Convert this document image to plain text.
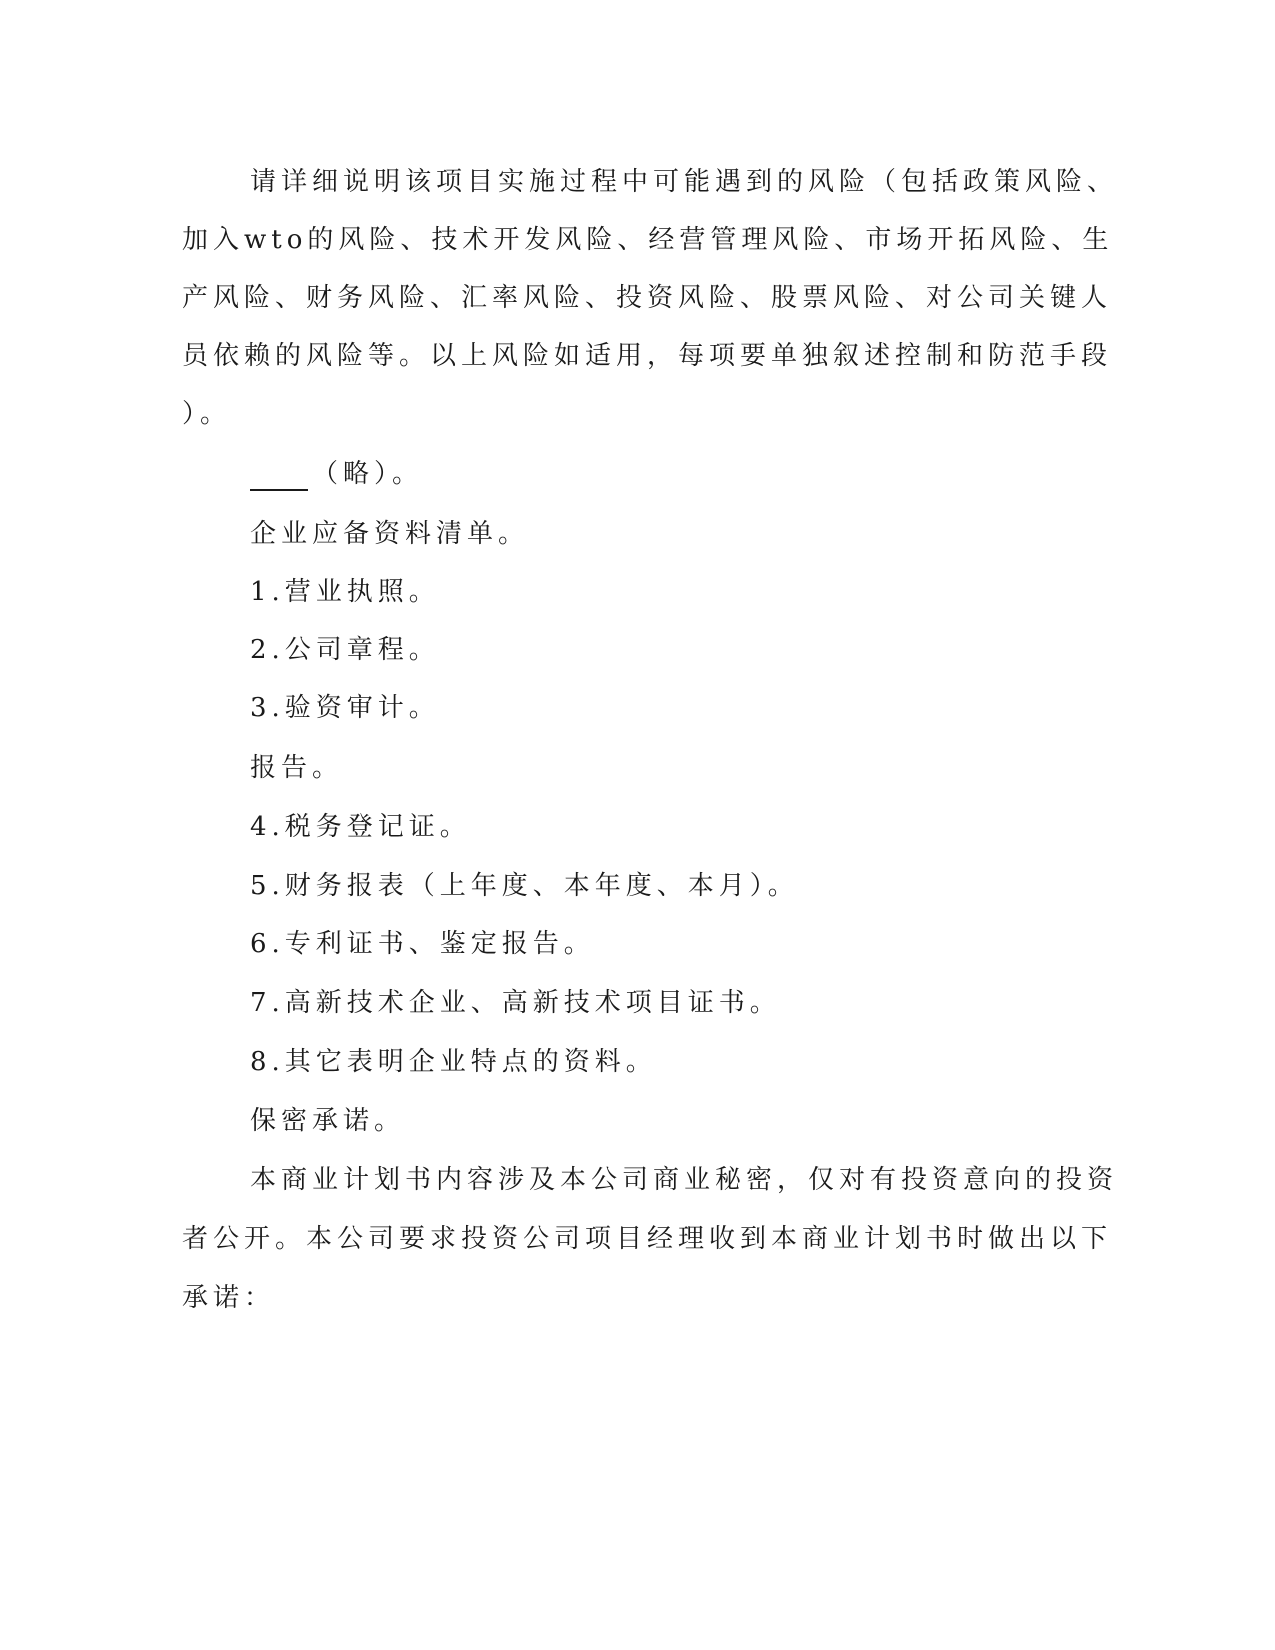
请详细说明该项目实施过程中可能遇到的风险（包括政策风险、
加入wto的风险、技术开发风险、经营管理风险、市场开拓风险、生
产风险、财务风险、汇率风险、投资风险、股票风险、对公司关键人
员依赖的风险等。以上风险如适用，每项要单独叙述控制和防范手段
）。
（略）。
企业应备资料清单。
1.营业执照。
2.公司章程。
3.验资审计。
报告。
4.税务登记证。
5.财务报表（上年度、本年度、本月）。
6.专利证书、鉴定报告。
7.高新技术企业、高新技术项目证书。
8.其它表明企业特点的资料。
保密承诺。
本商业计划书内容涉及本公司商业秘密，仅对有投资意向的投资
者公开。本公司要求投资公司项目经理收到本商业计划书时做出以下
承诺：
